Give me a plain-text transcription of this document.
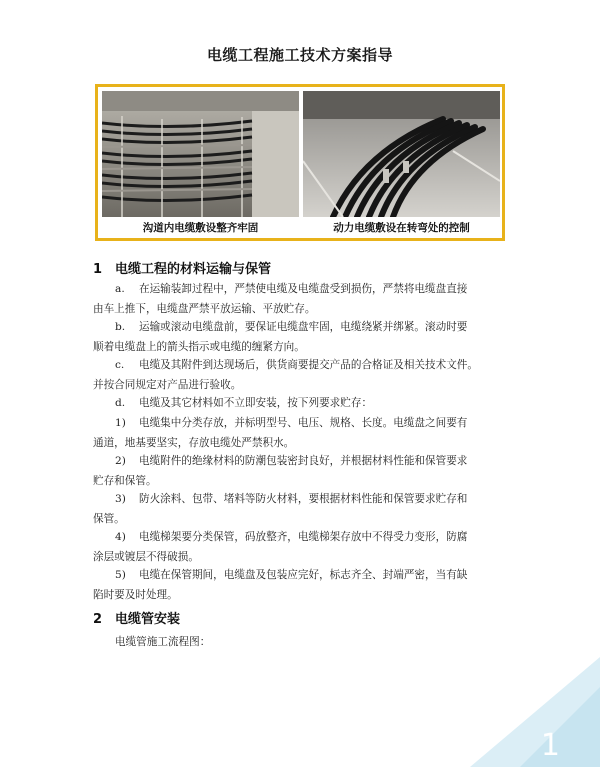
电缆工程施工技术方案指导
沟道内电缆敷设整齐牢固	动力电缆敷设在转弯处的控制
1 电缆工程的材料运输与保管
a. 在运输装卸过程中，严禁使电缆及电缆盘受到损伤，严禁将电缆盘直接
由车上推下，电缆盘严禁平放运输、平放贮存。
b. 运输或滚动电缆盘前，要保证电缆盘牢固，电缆绕紧并绑紧。滚动时要
顺着电缆盘上的箭头指示或电缆的缠紧方向。
c. 电缆及其附件到达现场后，供货商要提交产品的合格证及相关技术文件。
并按合同规定对产品进行验收。
d. 电缆及其它材料如不立即安装，按下列要求贮存：
1) 电缆集中分类存放，并标明型号、电压、规格、长度。电缆盘之间要有
通道，地基要坚实，存放电缆处严禁积水。
2) 电缆附件的绝缘材料的防潮包装密封良好，并根据材料性能和保管要求
贮存和保管。
3) 防火涂料、包带、堵料等防火材料，要根据材料性能和保管要求贮存和
保管。
4) 电缆梯架要分类保管，码放整齐，电缆梯架存放中不得受力变形，防腐
涂层或镀层不得破损。
5) 电缆在保管期间，电缆盘及包装应完好，标志齐全、封端严密，当有缺
陷时要及时处理。
2 电缆管安装
电缆管施工流程图：
1
